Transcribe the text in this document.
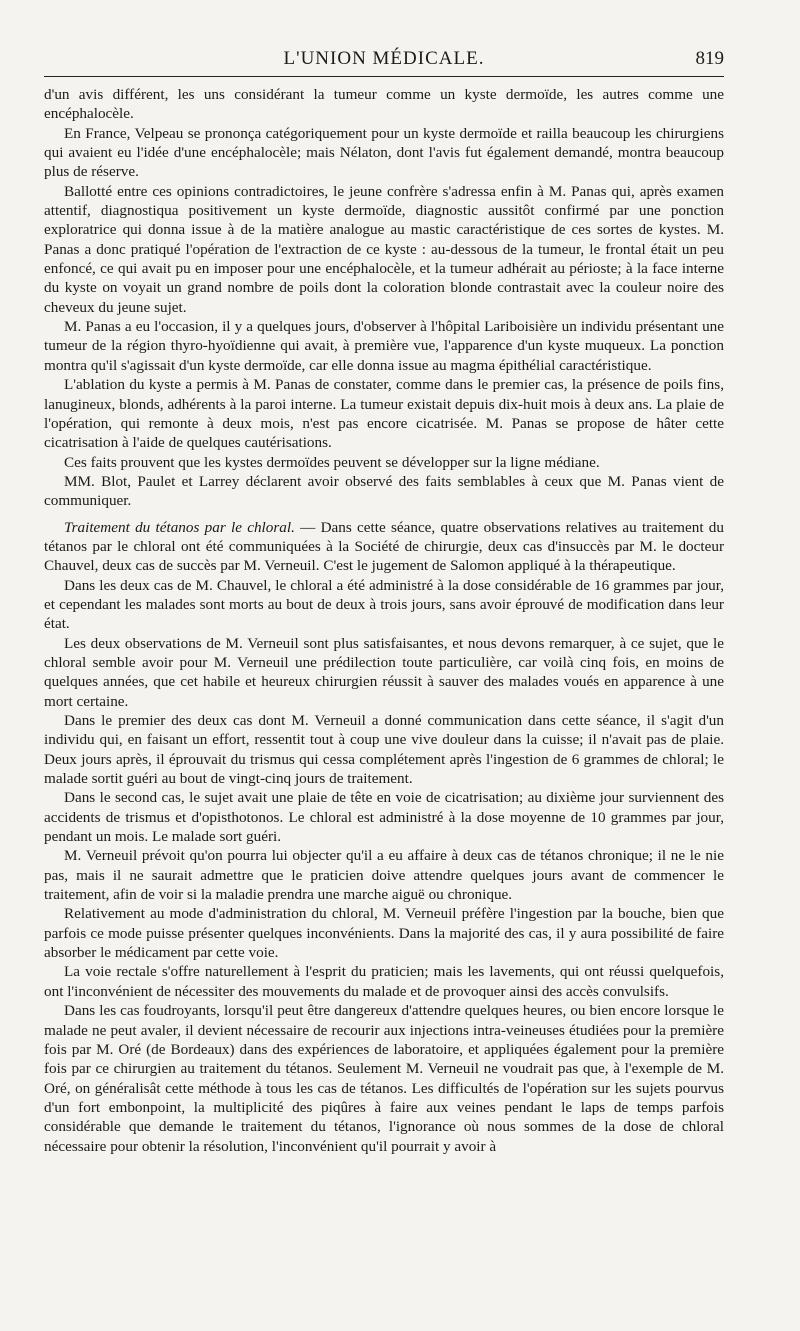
L'UNION MÉDICALE.	819

d'un avis différent, les uns considérant la tumeur comme un kyste dermoïde, les autres comme une encéphalocèle.

En France, Velpeau se prononça catégoriquement pour un kyste dermoïde et railla beaucoup les chirurgiens qui avaient eu l'idée d'une encéphalocèle; mais Nélaton, dont l'avis fut également demandé, montra beaucoup plus de réserve.

Ballotté entre ces opinions contradictoires, le jeune confrère s'adressa enfin à M. Panas qui, après examen attentif, diagnostiqua positivement un kyste dermoïde, diagnostic aussitôt confirmé par une ponction exploratrice qui donna issue à de la matière analogue au mastic caractéristique de ces sortes de kystes. M. Panas a donc pratiqué l'opération de l'extraction de ce kyste : au-dessous de la tumeur, le frontal était un peu enfoncé, ce qui avait pu en imposer pour une encéphalocèle, et la tumeur adhérait au périoste; à la face interne du kyste on voyait un grand nombre de poils dont la coloration blonde contrastait avec la couleur noire des cheveux du jeune sujet.

M. Panas a eu l'occasion, il y a quelques jours, d'observer à l'hôpital Lariboisière un individu présentant une tumeur de la région thyro-hyoïdienne qui avait, à première vue, l'apparence d'un kyste muqueux. La ponction montra qu'il s'agissait d'un kyste dermoïde, car elle donna issue au magma épithélial caractéristique.

L'ablation du kyste a permis à M. Panas de constater, comme dans le premier cas, la présence de poils fins, lanugineux, blonds, adhérents à la paroi interne. La tumeur existait depuis dix-huit mois à deux ans. La plaie de l'opération, qui remonte à deux mois, n'est pas encore cicatrisée. M. Panas se propose de hâter cette cicatrisation à l'aide de quelques cautérisations.

Ces faits prouvent que les kystes dermoïdes peuvent se développer sur la ligne médiane.

MM. Blot, Paulet et Larrey déclarent avoir observé des faits semblables à ceux que M. Panas vient de communiquer.

Traitement du tétanos par le chloral. — Dans cette séance, quatre observations relatives au traitement du tétanos par le chloral ont été communiquées à la Société de chirurgie, deux cas d'insuccès par M. le docteur Chauvel, deux cas de succès par M. Verneuil. C'est le jugement de Salomon appliqué à la thérapeutique.

Dans les deux cas de M. Chauvel, le chloral a été administré à la dose considérable de 16 grammes par jour, et cependant les malades sont morts au bout de deux à trois jours, sans avoir éprouvé de modification dans leur état.

Les deux observations de M. Verneuil sont plus satisfaisantes, et nous devons remarquer, à ce sujet, que le chloral semble avoir pour M. Verneuil une prédilection toute particulière, car voilà cinq fois, en moins de quelques années, que cet habile et heureux chirurgien réussit à sauver des malades voués en apparence à une mort certaine.

Dans le premier des deux cas dont M. Verneuil a donné communication dans cette séance, il s'agit d'un individu qui, en faisant un effort, ressentit tout à coup une vive douleur dans la cuisse; il n'avait pas de plaie. Deux jours après, il éprouvait du trismus qui cessa complétement après l'ingestion de 6 grammes de chloral; le malade sortit guéri au bout de vingt-cinq jours de traitement.

Dans le second cas, le sujet avait une plaie de tête en voie de cicatrisation; au dixième jour surviennent des accidents de trismus et d'opisthotonos. Le chloral est administré à la dose moyenne de 10 grammes par jour, pendant un mois. Le malade sort guéri.

M. Verneuil prévoit qu'on pourra lui objecter qu'il a eu affaire à deux cas de tétanos chronique; il ne le nie pas, mais il ne saurait admettre que le praticien doive attendre quelques jours avant de commencer le traitement, afin de voir si la maladie prendra une marche aiguë ou chronique.

Relativement au mode d'administration du chloral, M. Verneuil préfère l'ingestion par la bouche, bien que parfois ce mode puisse présenter quelques inconvénients. Dans la majorité des cas, il y aura possibilité de faire absorber le médicament par cette voie.

La voie rectale s'offre naturellement à l'esprit du praticien; mais les lavements, qui ont réussi quelquefois, ont l'inconvénient de nécessiter des mouvements du malade et de provoquer ainsi des accès convulsifs.

Dans les cas foudroyants, lorsqu'il peut être dangereux d'attendre quelques heures, ou bien encore lorsque le malade ne peut avaler, il devient nécessaire de recourir aux injections intra-veineuses étudiées pour la première fois par M. Oré (de Bordeaux) dans des expériences de laboratoire, et appliquées également pour la première fois par ce chirurgien au traitement du tétanos. Seulement M. Verneuil ne voudrait pas que, à l'exemple de M. Oré, on généralisât cette méthode à tous les cas de tétanos. Les difficultés de l'opération sur les sujets pourvus d'un fort embonpoint, la multiplicité des piqûres à faire aux veines pendant le laps de temps parfois considérable que demande le traitement du tétanos, l'ignorance où nous sommes de la dose de chloral nécessaire pour obtenir la résolution, l'inconvénient qu'il pourrait y avoir à
